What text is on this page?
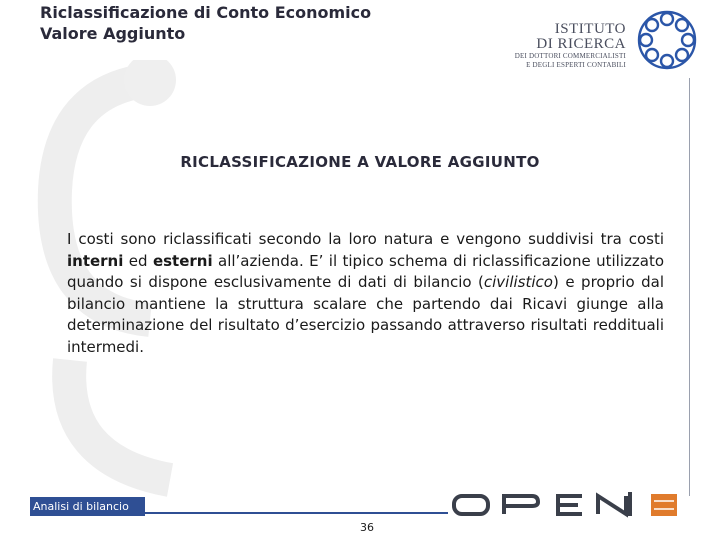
Riclassificazione di Conto Economico
Valore Aggiunto	ISTITUTO
DI RICERCA
DEI DOTTORI COMMERCIALISTI
E DEGLI ESPERTI CONTABILI
RICLASSIFICAZIONE A VALORE AGGIUNTO
I costi sono riclassificati secondo la loro natura e vengono suddivisi tra costi interni ed esterni all’azienda. E’ il tipico schema di riclassificazione utilizzato quando si dispone esclusivamente di dati di bilancio (civilistico) e proprio dal bilancio mantiene la struttura scalare che partendo dai Ricavi giunge alla determinazione del risultato d’esercizio passando attraverso risultati reddituali intermedi.
Analisi di bilancio
36
